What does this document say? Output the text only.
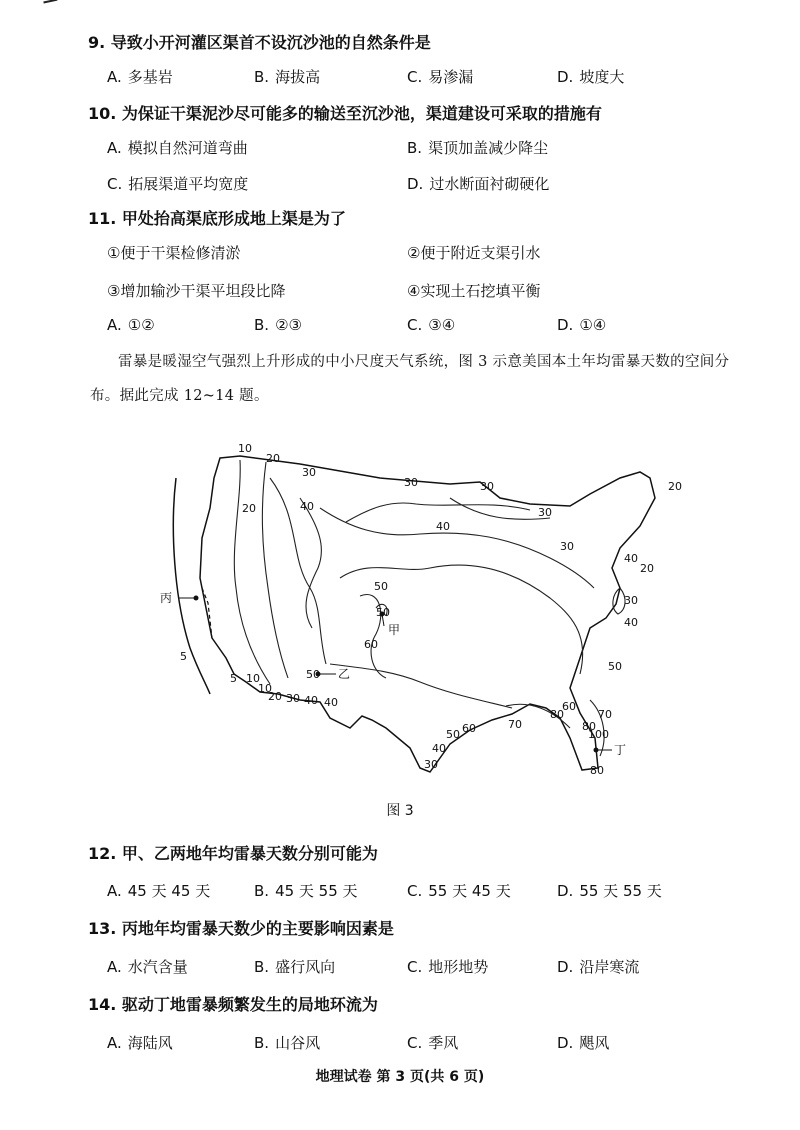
9. 导致小开河灌区渠首不设沉沙池的自然条件是
A. 多基岩	B. 海拔高	C. 易渗漏	D. 坡度大
10. 为保证干渠泥沙尽可能多的输送至沉沙池，渠道建设可采取的措施有
A. 模拟自然河道弯曲	B. 渠顶加盖减少降尘
C. 拓展渠道平均宽度	D. 过水断面衬砌硬化
11. 甲处抬高渠底形成地上渠是为了
①便于干渠检修清淤	②便于附近支渠引水
③增加输沙干渠平坦段比降	④实现土石挖填平衡
A. ①②	B. ②③	C. ③④	D. ①④
雷暴是暖湿空气强烈上升形成的中小尺度天气系统，图 3 示意美国本土年均雷暴天数的空间分布。据此完成 12~14 题。
甲
乙
丙
丁
10
20
30
30	30
30
20
20	40
40
30
40
20
30
40
50
50
50
60
50
60
70
80
100
80
5
5 10
10
20 30 40 40
30
40
50 60	70
80
图 3
12. 甲、乙两地年均雷暴天数分别可能为
A. 45 天 45 天	B. 45 天 55 天	C. 55 天 45 天	D. 55 天 55 天
13. 丙地年均雷暴天数少的主要影响因素是
A. 水汽含量	B. 盛行风向	C. 地形地势	D. 沿岸寒流
14. 驱动丁地雷暴频繁发生的局地环流为
A. 海陆风	B. 山谷风	C. 季风	D. 飓风
地理试卷 第 3 页(共 6 页)
